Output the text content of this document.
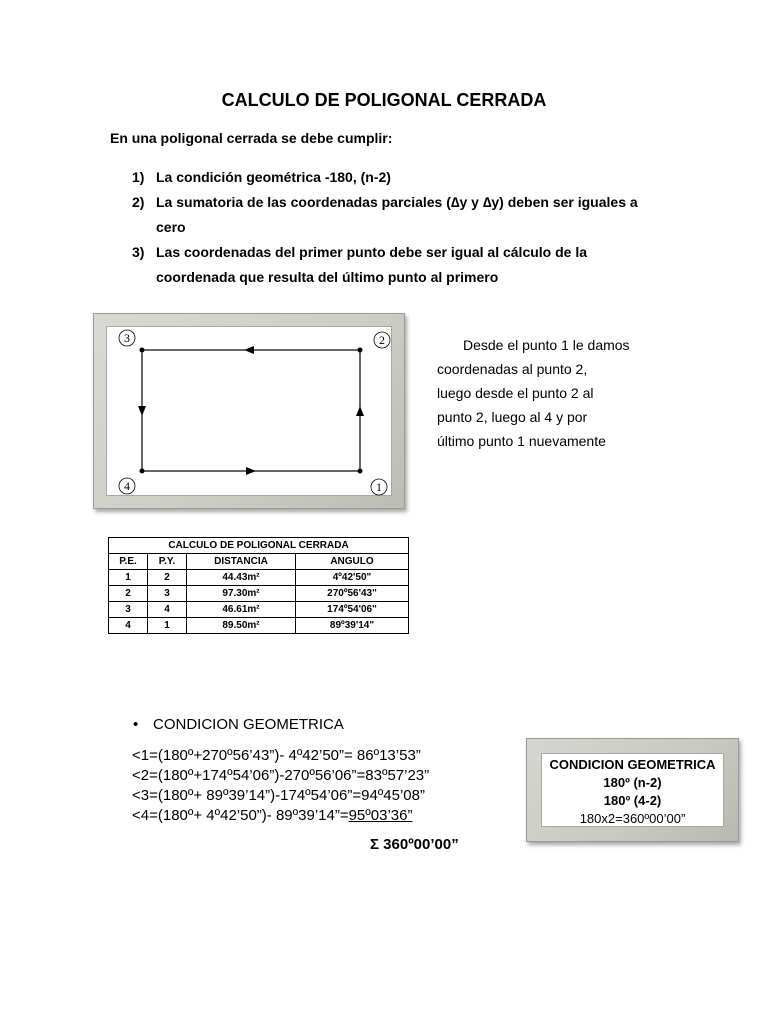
CALCULO DE POLIGONAL CERRADA
En una poligonal cerrada se debe cumplir:
1) La condición geométrica -180, (n-2)
2) La sumatoria de las coordenadas parciales (∆y y ∆y) deben ser iguales a cero
3) Las coordenadas del primer punto debe ser igual al cálculo de la coordenada que resulta del último punto al primero
3	2
4	1
Desde el punto 1 le damos
coordenadas al punto 2,
luego desde el punto 2 al
punto 2, luego al 4 y por
último punto 1 nuevamente
CALCULO DE POLIGONAL CERRADA			
P.E.	P.Y.	DISTANCIA	ANGULO
1	2	44.43m²	4º42'50"
2	3	97.30m²	270º56'43"
3	4	46.61m²	174º54'06"
4	1	89.50m²	89º39'14"
• CONDICION GEOMETRICA
<1=(180º+270º56’43”)- 4º42’50”= 86º13’53”
<2=(180º+174º54’06”)-270º56’06”=83º57’23”
<3=(180º+ 89º39’14”)-174º54’06”=94º45’08”
<4=(180º+ 4º42’50”)- 89º39’14”=95º03’36”
Σ 360º00’00”
CONDICION GEOMETRICA
180º (n-2)
180º (4-2)
180x2=360º00’00”
